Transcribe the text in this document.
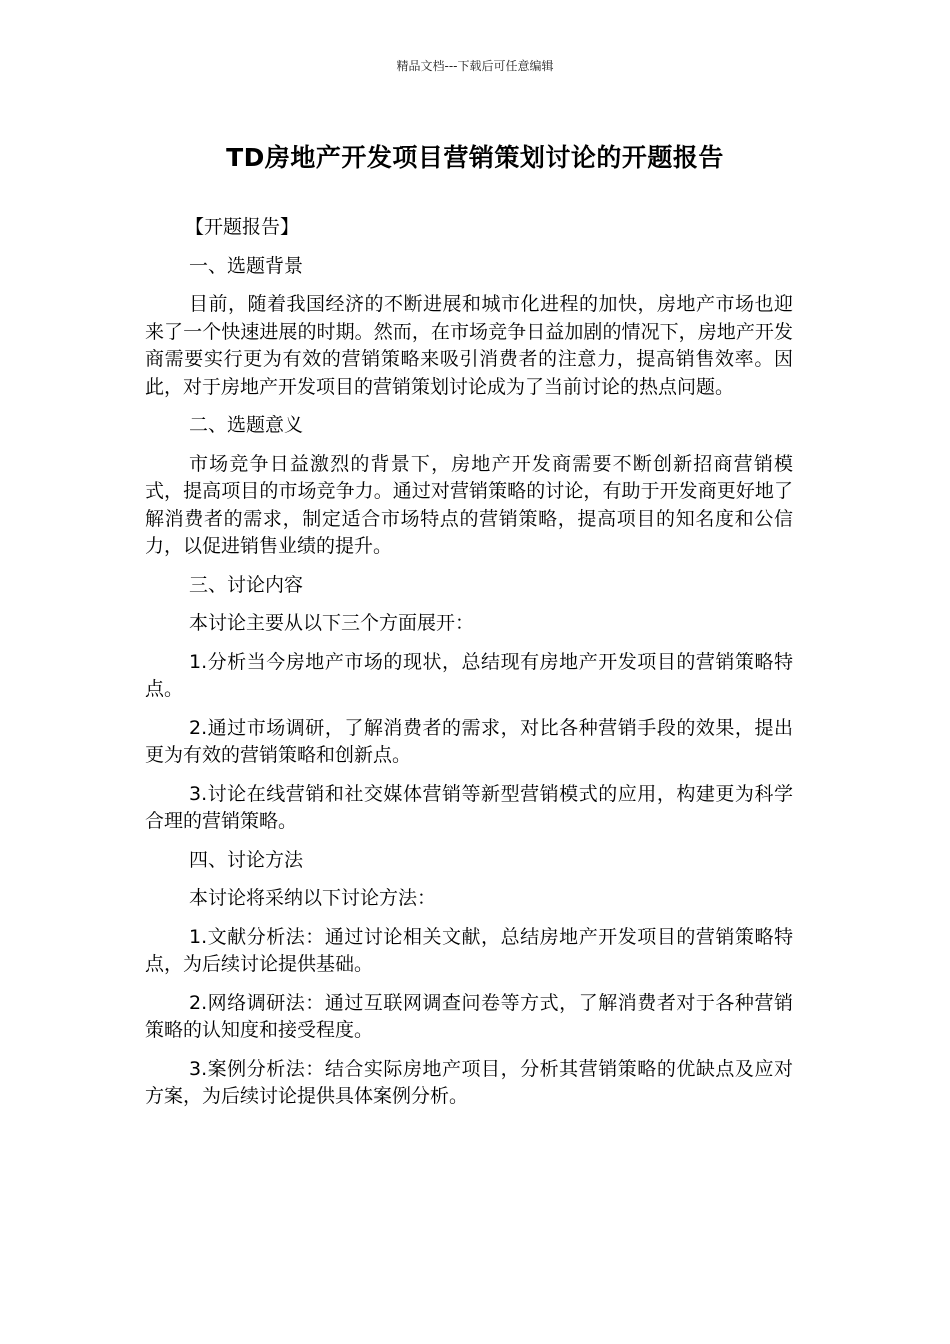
精品文档---下载后可任意编辑
TD房地产开发项目营销策划讨论的开题报告

【开题报告】

一、选题背景

目前，随着我国经济的不断进展和城市化进程的加快，房地产市场也迎来了一个快速进展的时期。然而，在市场竞争日益加剧的情况下，房地产开发商需要实行更为有效的营销策略来吸引消费者的注意力，提高销售效率。因此，对于房地产开发项目的营销策划讨论成为了当前讨论的热点问题。

二、选题意义

市场竞争日益激烈的背景下，房地产开发商需要不断创新招商营销模式，提高项目的市场竞争力。通过对营销策略的讨论，有助于开发商更好地了解消费者的需求，制定适合市场特点的营销策略，提高项目的知名度和公信力，以促进销售业绩的提升。

三、讨论内容

本讨论主要从以下三个方面展开：

1.分析当今房地产市场的现状，总结现有房地产开发项目的营销策略特点。

2.通过市场调研，了解消费者的需求，对比各种营销手段的效果，提出更为有效的营销策略和创新点。

3.讨论在线营销和社交媒体营销等新型营销模式的应用，构建更为科学合理的营销策略。

四、讨论方法

本讨论将采纳以下讨论方法：

1.文献分析法：通过讨论相关文献，总结房地产开发项目的营销策略特点，为后续讨论提供基础。

2.网络调研法：通过互联网调查问卷等方式，了解消费者对于各种营销策略的认知度和接受程度。

3.案例分析法：结合实际房地产项目，分析其营销策略的优缺点及应对方案，为后续讨论提供具体案例分析。
